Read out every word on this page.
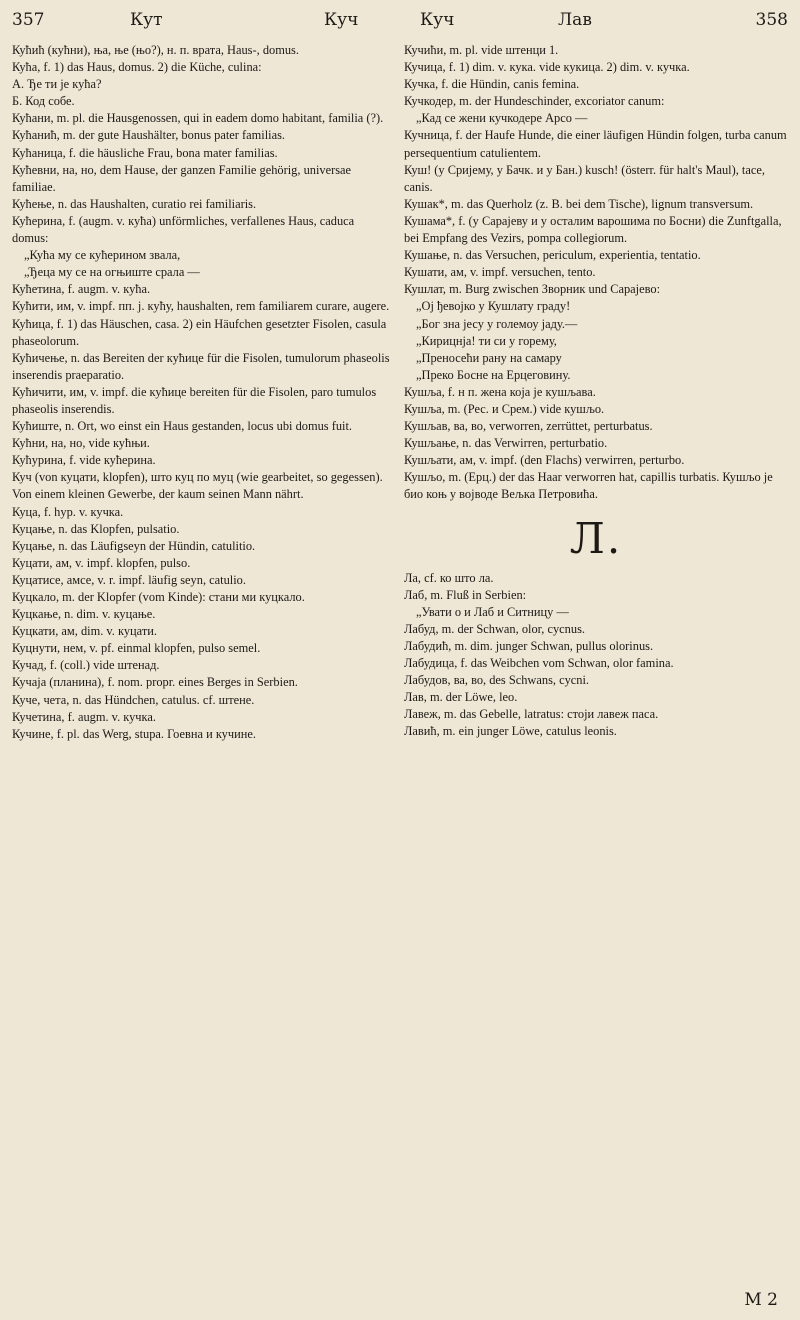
357	Кут	Куч	Куч	Лав	358

Кућић (кућни), ња, ње (њо?), н. п. врата, Haus-, domus.

Кућа, f. 1) das Haus, domus. 2) die Küche, culina:

А. Ђе ти је кућа?

Б. Код собе.

Кућани, m. pl. die Hausgenossen, qui in eadem domo habitant, familia (?).

Кућанић, m. der gute Haushälter, bonus pater familias.

Кућаница, f. die häusliche Frau, bona mater familias.

Кућевни, на, но, dem Hause, der ganzen Familie gehörig, universae familiae.

Кућење, n. das Haushalten, curatio rei familiaris.

Кућерина, f. (augm. v. кућа) unförmliches, verfallenes Haus, caduca domus:

„Кућа му се кућерином звала,

„Ђеца му се на огњиште срала —

Кућетина, f. augm. v. кућа.

Кућити, им, v. impf. пп. j. кућу, haushalten, rem familiarem curare, augere.

Кућица, f. 1) das Häuschen, casa. 2) ein Häufchen gesetzter Fisolen, casula phaseolorum.

Кућичење, n. das Bereiten der кућице für die Fisolen, tumulorum phaseolis inserendis praeparatio.

Кућичити, им, v. impf. die кућице bereiten für die Fisolen, paro tumulos phaseolis inserendis.

Кућиште, n. Ort, wo einst ein Haus gestanden, locus ubi domus fuit.

Кућни, на, но, vide кућњи.

Кућурина, f. vide кућерина.

Куч (von куцати, klopfen), што куц по муц (wie gearbeitet, so gegessen). Von einem kleinen Gewerbe, der kaum seinen Mann nährt.

Куца, f. hyp. v. кучка.

Куцање, n. das Klopfen, pulsatio.

Куцање, n. das Läufigseyn der Hündin, catulitio.

Куцати, ам, v. impf. klopfen, pulso.

Куцатисе, амсе, v. r. impf. läufig seyn, catulio.

Куцкало, m. der Klopfer (vom Kinde): стани ми куцкало.

Куцкање, n. dim. v. куцање.

Куцкати, ам, dim. v. куцати.

Куцнути, нем, v. pf. einmal klopfen, pulso semel.

Кучад, f. (coll.) vide штенад.

Кучаја (планина), f. nom. propr. eines Berges in Serbien.

Куче, чета, n. das Hündchen, catulus. cf. штене.

Кучетина, f. augm. v. кучка.

Кучине, f. pl. das Werg, stupa. Гоевна и кучине.

Кучићи, m. pl. vide штенци 1.

Кучица, f. 1) dim. v. кука. vide кукица. 2) dim. v. кучка.

Кучка, f. die Hündin, canis femina.

Кучкодер, m. der Hundeschinder, excoriator canum:

„Кад се жени кучкодере Арсо —

Кучница, f. der Haufe Hunde, die einer läufigen Hündin folgen, turba canum persequentium catulientem.

Куш! (у Сријему, у Бачк. и у Бан.) kusch! (österr. für halt's Maul), tace, canis.

Кушак*, m. das Querholz (z. B. bei dem Tische), lignum transversum.

Кушама*, f. (у Сарајеву и у осталим варошима по Босни) die Zunftgalla, bei Empfang des Vezirs, pompa collegiorum.

Кушање, n. das Versuchen, periculum, experientia, tentatio.

Кушати, ам, v. impf. versuchen, tento.

Кушлат, m. Burg zwischen Зворник und Сарајево:

„Ој ђевојко у Кушлату граду!

„Бог зна јесу у големоу јаду.—

„Кирицнја! ти си у горему,

„Преносећи рану на самару

„Преко Босне на Ерцеговину.

Кушља, f. н п. жена која је кушљава.

Кушља, m. (Рес. и Срем.) vide кушљо.

Кушљав, ва, во, verworren, zerrüttet, perturbatus.

Кушљање, n. das Verwirren, perturbatio.

Кушљати, ам, v. impf. (den Flachs) verwirren, perturbo.

Кушљо, m. (Ерц.) der das Haar verworren hat, capillis turbatis. Кушљо је био коњ у војводе Вељка Петровића.

Л.

Ла, cf. ко што ла.

Лаб, m. Fluß in Serbien:

„Увати о и Лаб и Ситницу —

Лабуд, m. der Schwan, olor, cycnus.

Лабудић, m. dim. junger Schwan, pullus olorinus.

Лабудица, f. das Weibchen vom Schwan, olor famina.

Лабудов, ва, во, des Schwans, cycni.

Лав, m. der Löwe, leo.

Лавеж, m. das Gebelle, latratus: стоји лавеж паса.

Лавић, m. ein junger Löwe, catulus leonis.

M 2
